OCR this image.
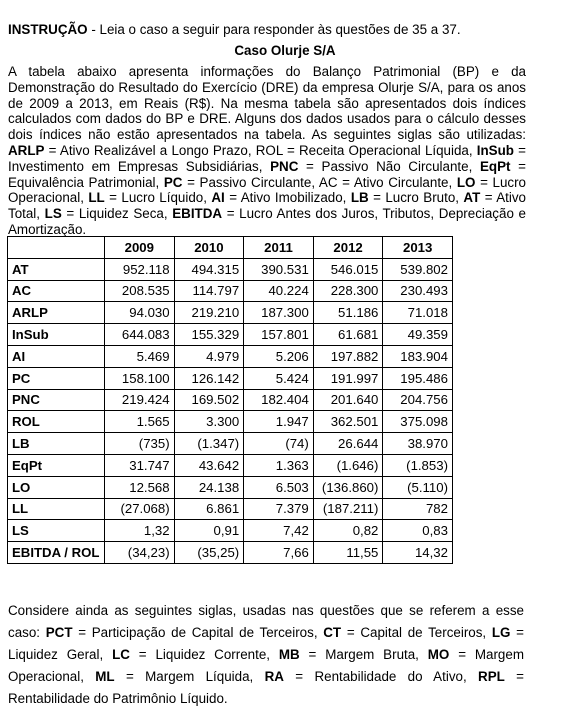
INSTRUÇÃO - Leia o caso a seguir para responder às questões de 35 a 37.
Caso Olurje S/A
A tabela abaixo apresenta informações do Balanço Patrimonial (BP) e da Demonstração do Resultado do Exercício (DRE) da empresa Olurje S/A, para os anos de 2009 a 2013, em Reais (R$). Na mesma tabela são apresentados dois índices calculados com dados do BP e DRE. Alguns dos dados usados para o cálculo desses dois índices não estão apresentados na tabela. As seguintes siglas são utilizadas: ARLP = Ativo Realizável a Longo Prazo, ROL = Receita Operacional Líquida, InSub = Investimento em Empresas Subsidiárias, PNC = Passivo Não Circulante, EqPt = Equivalência Patrimonial, PC = Passivo Circulante, AC = Ativo Circulante, LO = Lucro Operacional, LL = Lucro Líquido, AI = Ativo Imobilizado, LB = Lucro Bruto, AT = Ativo Total, LS = Liquidez Seca, EBITDA = Lucro Antes dos Juros, Tributos, Depreciação e Amortização.
	2009	2010	2011	2012	2013
AT	952.118	494.315	390.531	546.015	539.802
AC	208.535	114.797	40.224	228.300	230.493
ARLP	94.030	219.210	187.300	51.186	71.018
InSub	644.083	155.329	157.801	61.681	49.359
AI	5.469	4.979	5.206	197.882	183.904
PC	158.100	126.142	5.424	191.997	195.486
PNC	219.424	169.502	182.404	201.640	204.756
ROL	1.565	3.300	1.947	362.501	375.098
LB	(735)	(1.347)	(74)	26.644	38.970
EqPt	31.747	43.642	1.363	(1.646)	(1.853)
LO	12.568	24.138	6.503	(136.860)	(5.110)
LL	(27.068)	6.861	7.379	(187.211)	782
LS	1,32	0,91	7,42	0,82	0,83
EBITDA / ROL	(34,23)	(35,25)	7,66	11,55	14,32
Considere ainda as seguintes siglas, usadas nas questões que se referem a esse caso: PCT = Participação de Capital de Terceiros, CT = Capital de Terceiros, LG = Liquidez Geral, LC = Liquidez Corrente, MB = Margem Bruta, MO = Margem Operacional, ML = Margem Líquida, RA = Rentabilidade do Ativo, RPL = Rentabilidade do Patrimônio Líquido.
